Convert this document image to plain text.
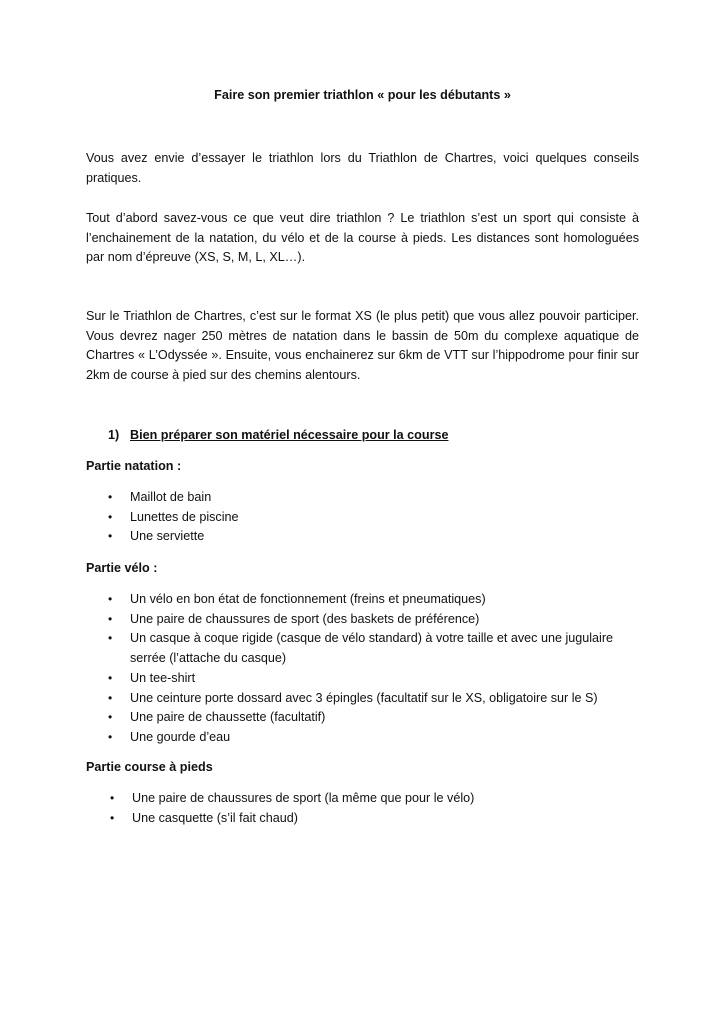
Faire son premier triathlon « pour les débutants »
Vous avez envie d’essayer le triathlon lors du Triathlon de Chartres, voici quelques conseils pratiques.
Tout d’abord savez-vous ce que veut dire triathlon ? Le triathlon s’est un sport qui consiste à l’enchainement de la natation, du vélo et de la course à pieds. Les distances sont homologuées par nom d’épreuve (XS, S, M, L, XL…).
Sur le Triathlon de Chartres, c’est sur le format XS (le plus petit) que vous allez pouvoir participer. Vous devrez nager 250 mètres de natation dans le bassin de 50m du complexe aquatique de Chartres « L’Odyssée ». Ensuite, vous enchainerez sur 6km de VTT sur l’hippodrome pour finir sur 2km de course à pied sur des chemins alentours.
1) Bien préparer son matériel nécessaire pour la course
Partie natation :
•	Maillot de bain
•	Lunettes de piscine
•	Une serviette
Partie vélo :
•	Un vélo en bon état de fonctionnement (freins et pneumatiques)
•	Une paire de chaussures de sport (des baskets de préférence)
•	Un casque à coque rigide (casque de vélo standard) à votre taille et avec une jugulaire serrée (l’attache du casque)
•	Un tee-shirt
•	Une ceinture porte dossard avec 3 épingles (facultatif sur le XS, obligatoire sur le S)
•	Une paire de chaussette (facultatif)
•	Une gourde d’eau
Partie course à pieds
•	Une paire de chaussures de sport (la même que pour le vélo)
•	Une casquette (s’il fait chaud)
